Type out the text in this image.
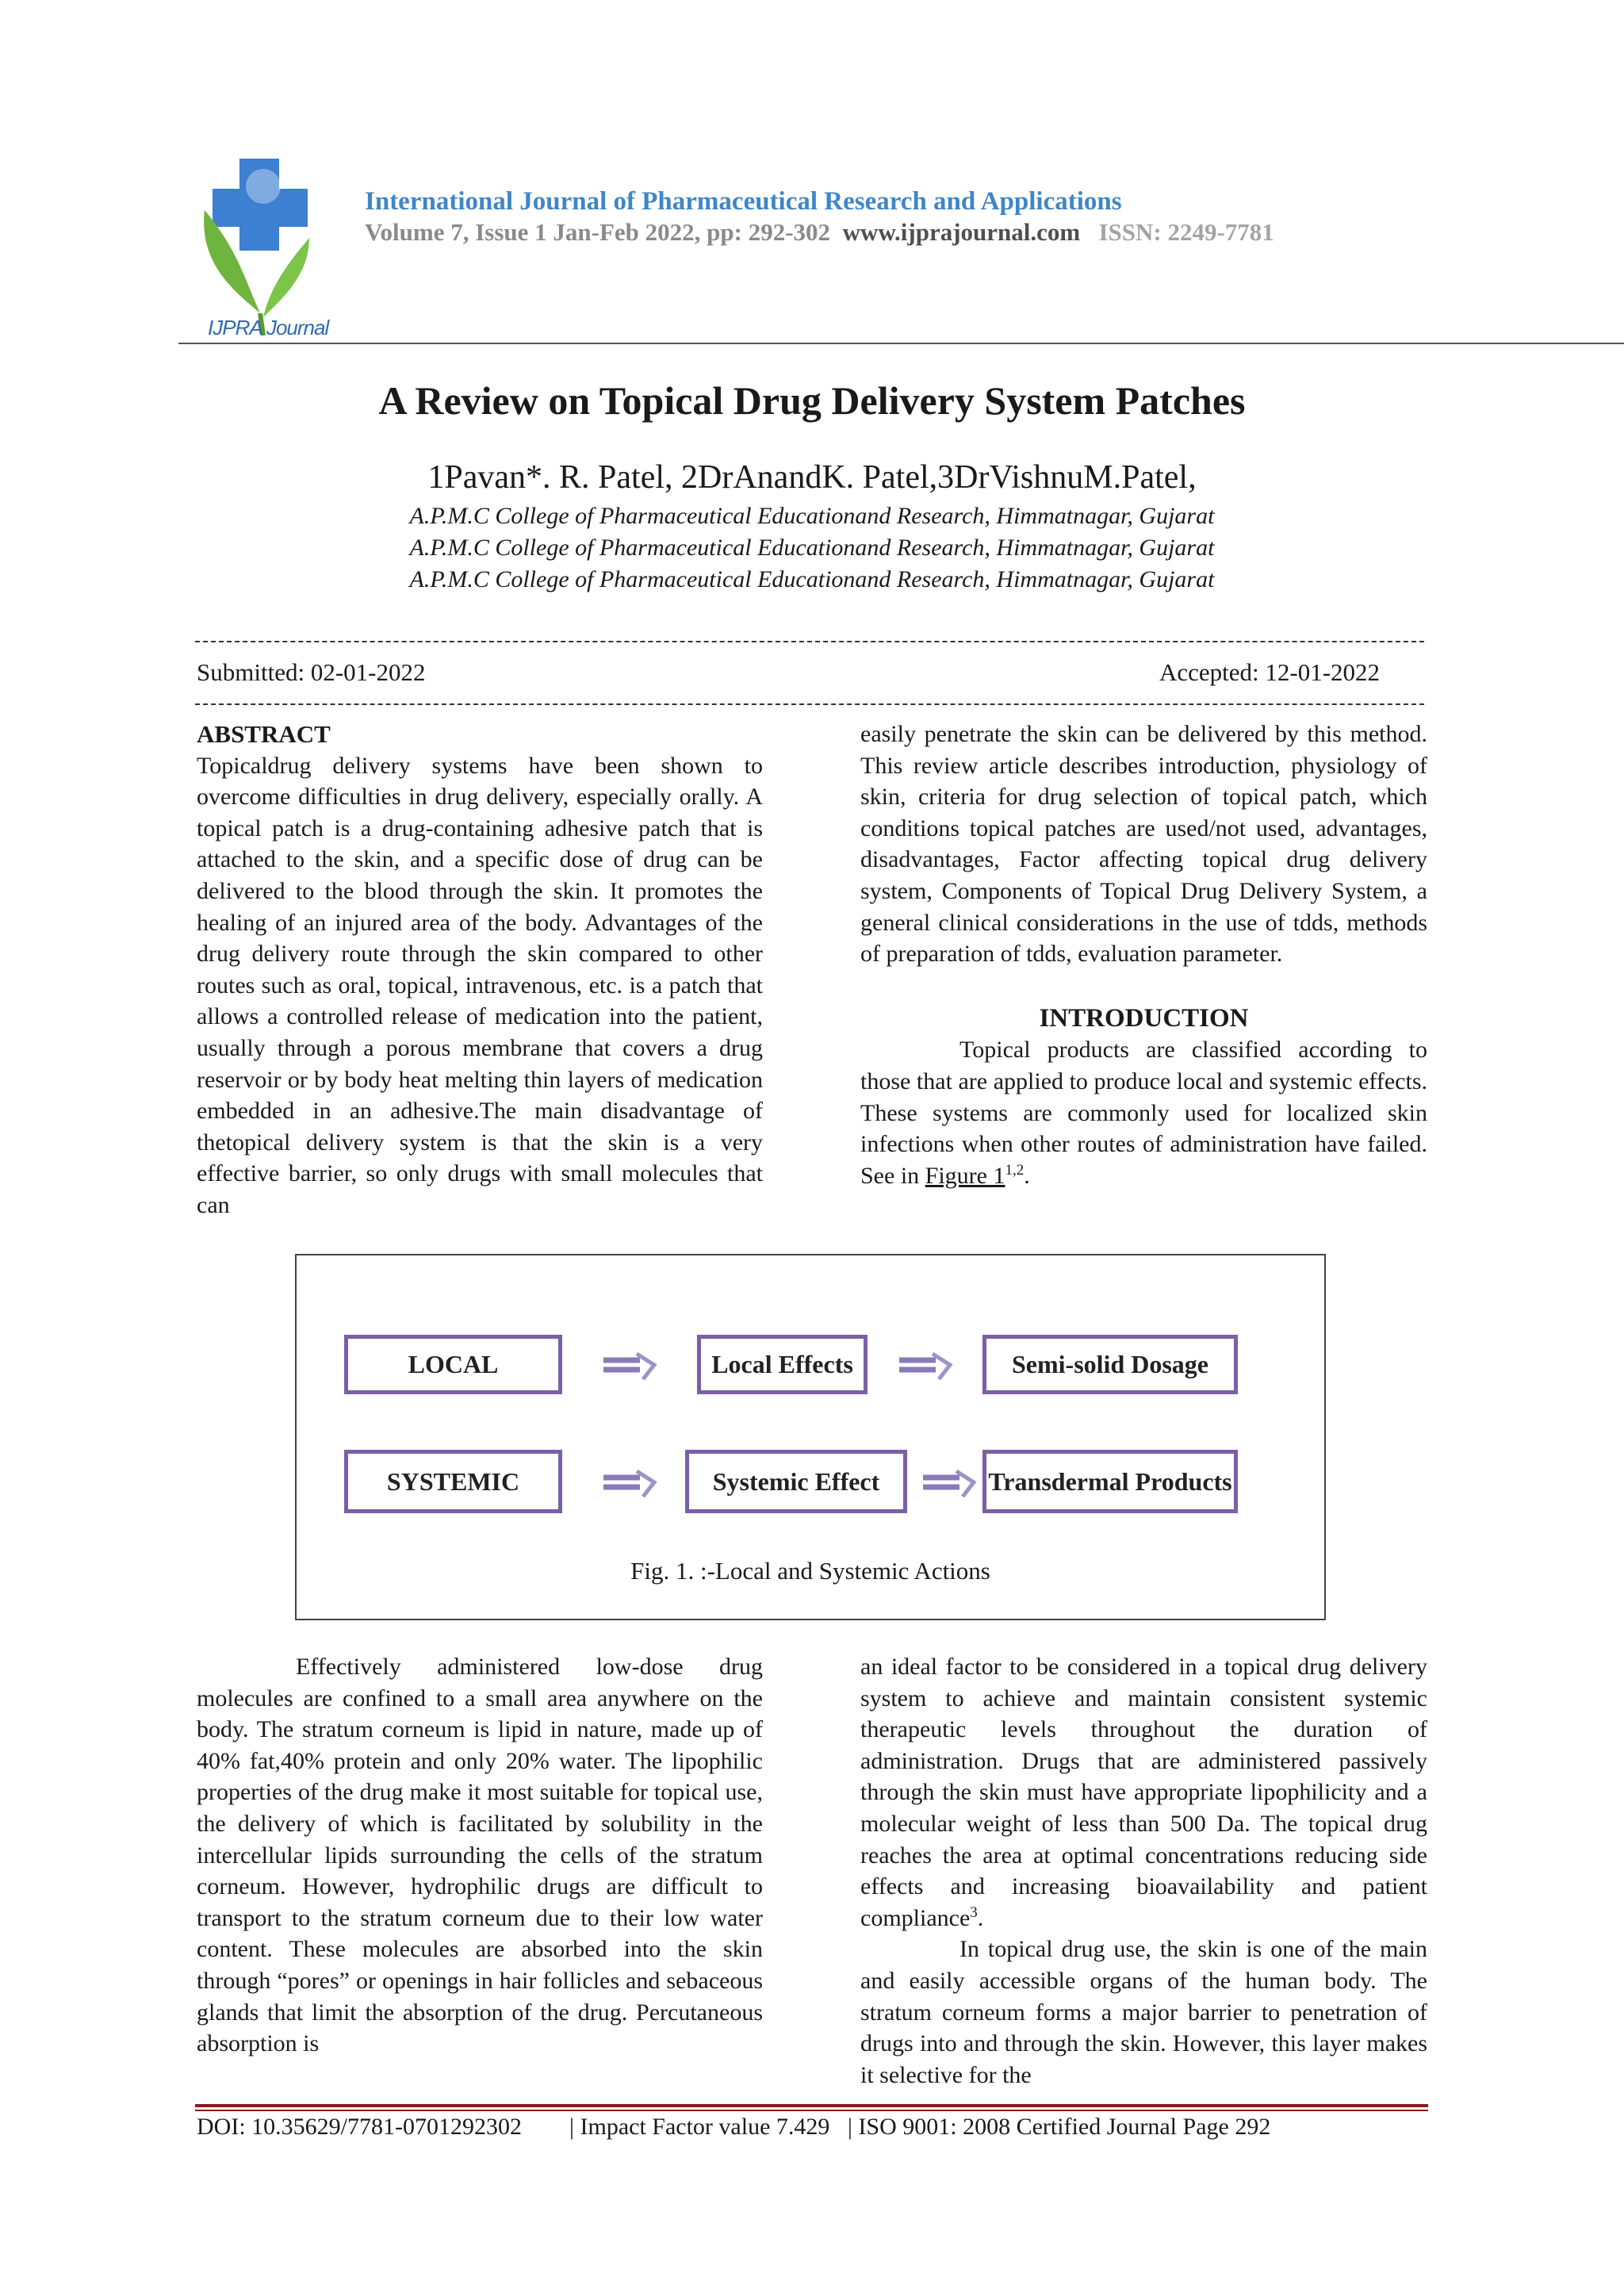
IJPRA Journal
International Journal of Pharmaceutical Research and Applications
Volume 7, Issue 1 Jan-Feb 2022, pp: 292-302 www.ijprajournal.com ISSN: 2249-7781
A Review on Topical Drug Delivery System Patches
1Pavan*. R. Patel, 2DrAnandK. Patel,3DrVishnuM.Patel,
A.P.M.C College of Pharmaceutical Educationand Research, Himmatnagar, Gujarat
A.P.M.C College of Pharmaceutical Educationand Research, Himmatnagar, Gujarat
A.P.M.C College of Pharmaceutical Educationand Research, Himmatnagar, Gujarat
Submitted: 02-01-2022	Accepted: 12-01-2022

ABSTRACT

Topicaldrug delivery systems have been shown to overcome difficulties in drug delivery, especially orally. A topical patch is a drug-containing adhesive patch that is attached to the skin, and a specific dose of drug can be delivered to the blood through the skin. It promotes the healing of an injured area of the body. Advantages of the drug delivery route through the skin compared to other routes such as oral, topical, intravenous, etc. is a patch that allows a controlled release of medication into the patient, usually through a porous membrane that covers a drug reservoir or by body heat melting thin layers of medication embedded in an adhesive.The main disadvantage of thetopical delivery system is that the skin is a very effective barrier, so only drugs with small molecules that can

easily penetrate the skin can be delivered by this method. This review article describes introduction, physiology of skin, criteria for drug selection of topical patch, which conditions topical patches are used/not used, advantages, disadvantages, Factor affecting topical drug delivery system, Components of Topical Drug Delivery System, a general clinical considerations in the use of tdds, methods of preparation of tdds, evaluation parameter.

INTRODUCTION

Topical products are classified according to those that are applied to produce local and systemic effects. These systems are commonly used for localized skin infections when other routes of administration have failed. See in Figure 1$^{1,2}$.

LOCAL	Local Effects	Semi-solid Dosage
SYSTEMIC	Systemic Effect	Transdermal Products
Fig. 1. :-Local and Systemic Actions

Effectively administered low-dose drug molecules are confined to a small area anywhere on the body. The stratum corneum is lipid in nature, made up of 40% fat,40% protein and only 20% water. The lipophilic properties of the drug make it most suitable for topical use, the delivery of which is facilitated by solubility in the intercellular lipids surrounding the cells of the stratum corneum. However, hydrophilic drugs are difficult to transport to the stratum corneum due to their low water content. These molecules are absorbed into the skin through “pores” or openings in hair follicles and sebaceous glands that limit the absorption of the drug. Percutaneous absorption is

an ideal factor to be considered in a topical drug delivery system to achieve and maintain consistent systemic therapeutic levels throughout the duration of administration. Drugs that are administered passively through the skin must have appropriate lipophilicity and a molecular weight of less than 500 Da. The topical drug reaches the area at optimal concentrations reducing side effects and increasing bioavailability and patient compliance$^3$.

In topical drug use, the skin is one of the main and easily accessible organs of the human body. The stratum corneum forms a major barrier to penetration of drugs into and through the skin. However, this layer makes it selective for the

DOI: 10.35629/7781-0701292302 | Impact Factor value 7.429 | ISO 9001: 2008 Certified Journal Page 292
